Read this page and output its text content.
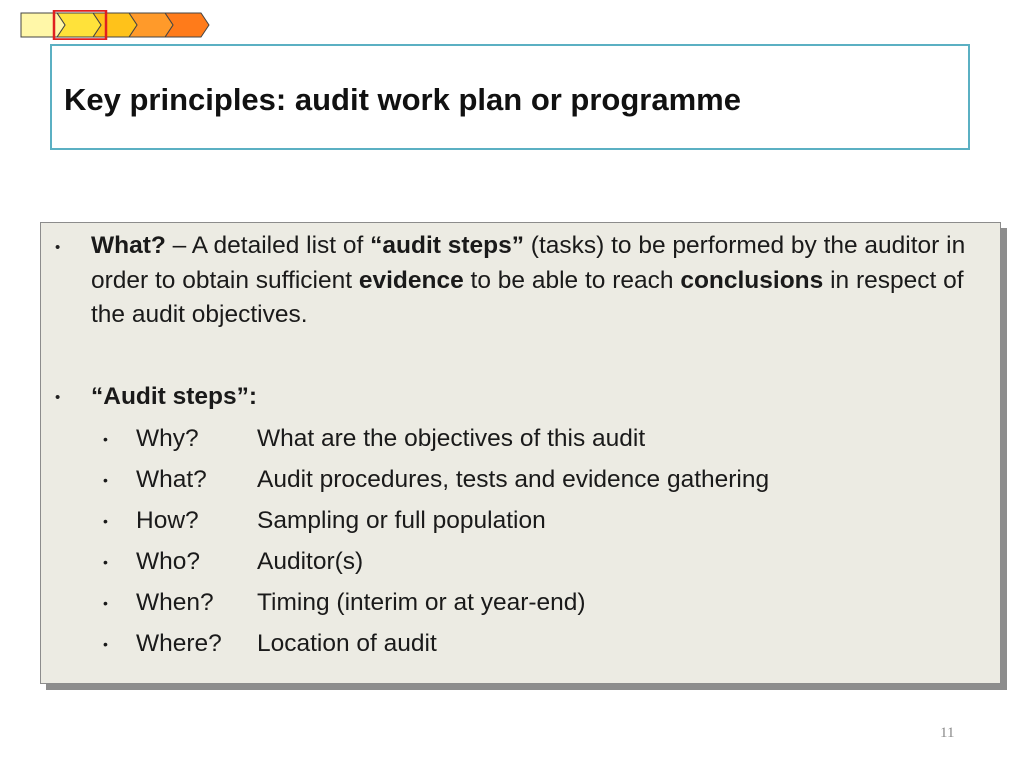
Key principles: audit work plan or programme
• What? – A detailed list of “audit steps” (tasks) to be performed by the auditor in order to obtain sufficient evidence to be able to reach conclusions in respect of the audit objectives.
• “Audit steps”:
• Why? What are the objectives of this audit
• What? Audit procedures, tests and evidence gathering
• How? Sampling or full population
• Who? Auditor(s)
• When? Timing (interim or at year-end)
• Where? Location of audit
11
